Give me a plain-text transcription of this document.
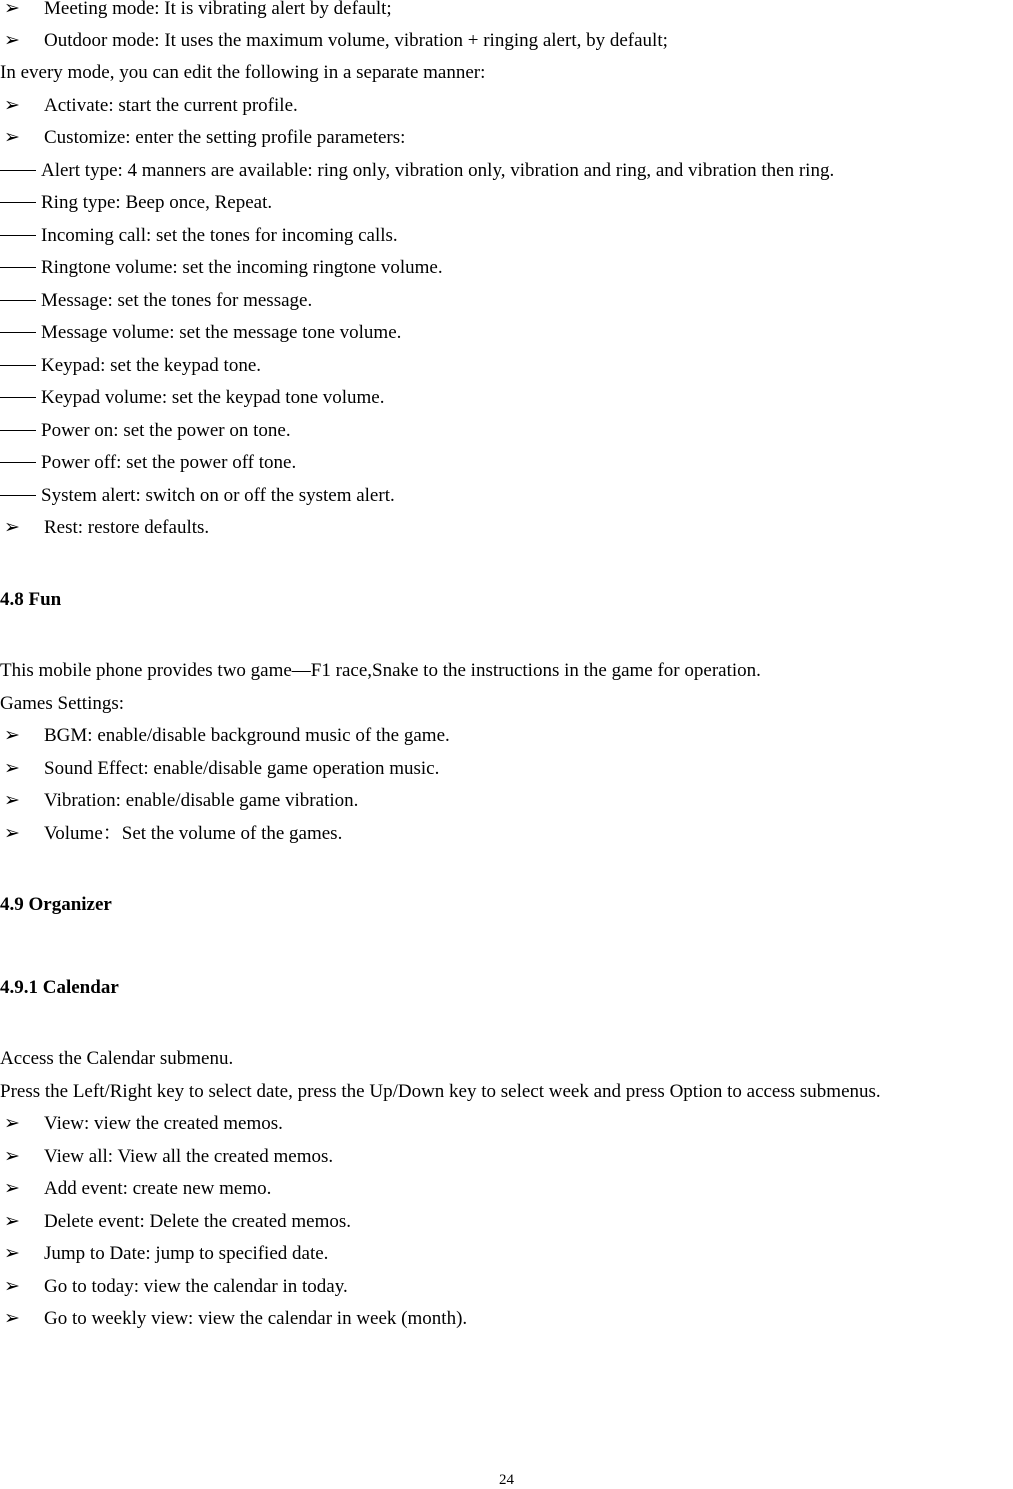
➢ Meeting mode: It is vibrating alert by default;
➢ Outdoor mode: It uses the maximum volume, vibration + ringing alert, by default;
In every mode, you can edit the following in a separate manner:
➢ Activate: start the current profile.
➢ Customize: enter the setting profile parameters:
Alert type: 4 manners are available: ring only, vibration only, vibration and ring, and vibration then ring.
Ring type: Beep once, Repeat.
Incoming call: set the tones for incoming calls.
Ringtone volume: set the incoming ringtone volume.
Message: set the tones for message.
Message volume: set the message tone volume.
Keypad: set the keypad tone.
Keypad volume: set the keypad tone volume.
Power on: set the power on tone.
Power off: set the power off tone.
System alert: switch on or off the system alert.
➢ Rest: restore defaults.
4.8 Fun
This mobile phone provides two game—F1 race,Snake to the instructions in the game for operation.
Games Settings:
➢ BGM: enable/disable background music of the game.
➢ Sound Effect: enable/disable game operation music.
➢ Vibration: enable/disable game vibration.
➢ Volume：Set the volume of the games.
4.9 Organizer
4.9.1 Calendar
Access the Calendar submenu.
Press the Left/Right key to select date, press the Up/Down key to select week and press Option to access submenus.
➢ View: view the created memos.
➢ View all: View all the created memos.
➢ Add event: create new memo.
➢ Delete event: Delete the created memos.
➢ Jump to Date: jump to specified date.
➢ Go to today: view the calendar in today.
➢ Go to weekly view: view the calendar in week (month).
24
